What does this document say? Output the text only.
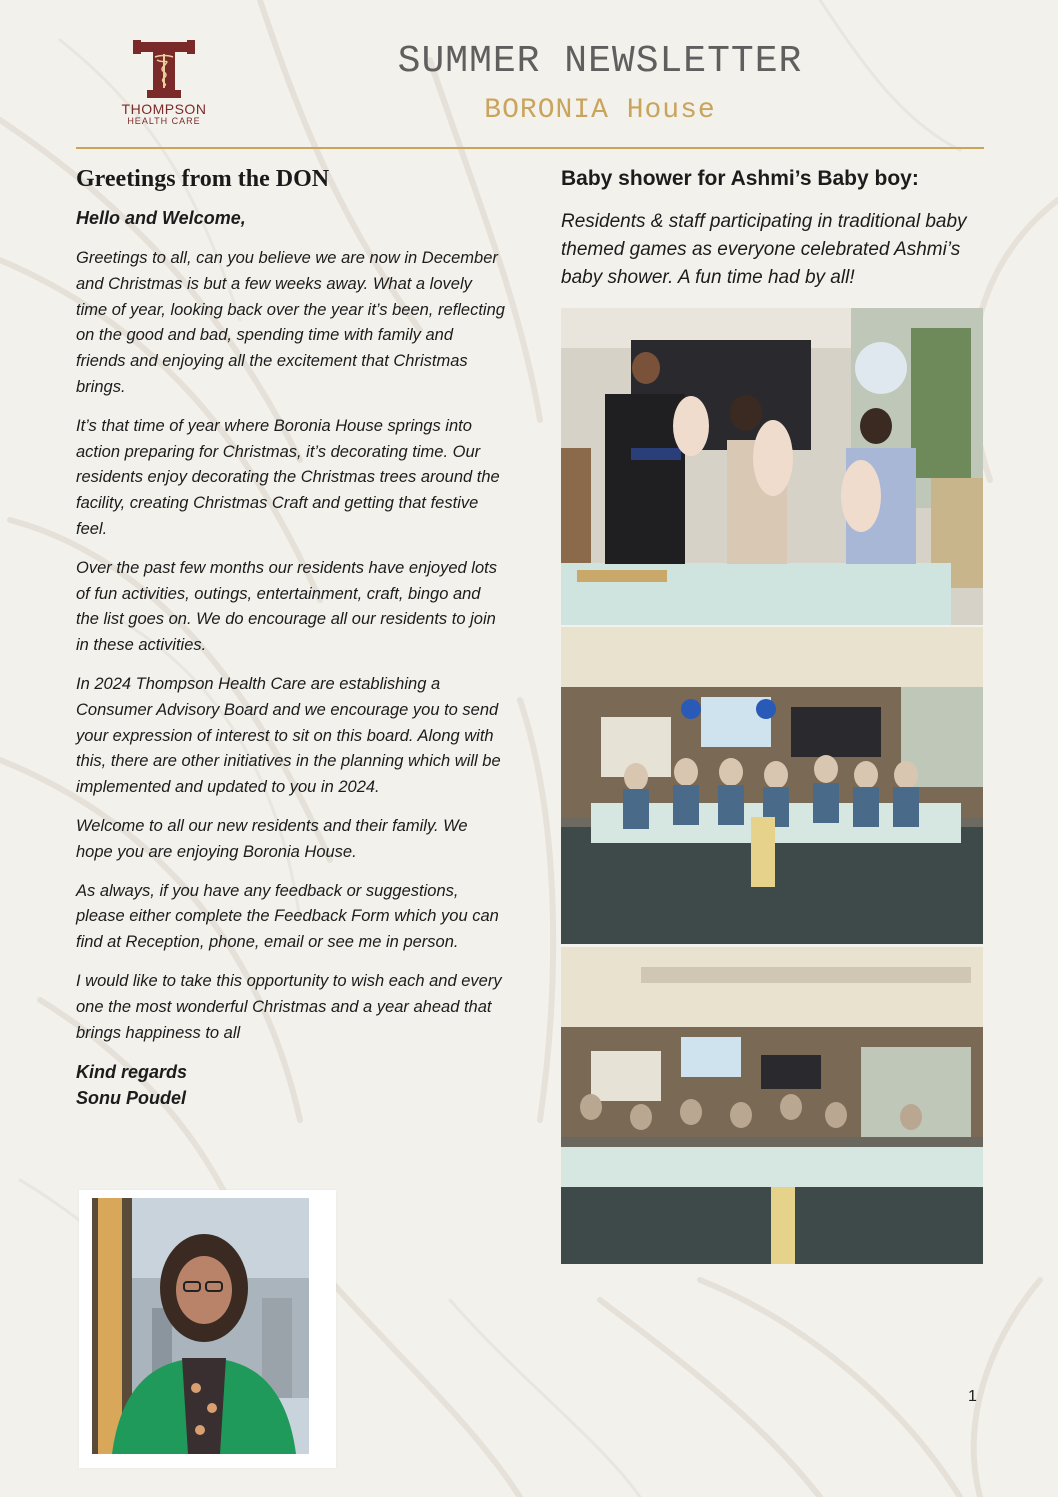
THOMPSON
HEALTH CARE
SUMMER NEWSLETTER
BORONIA House
Greetings from the DON

Hello and Welcome,

Greetings to all, can you believe we are now in December and Christmas is but a few weeks away. What a lovely time of year, looking back over the year it’s been, reflecting on the good and bad, spending time with family and friends and enjoying all the excitement that Christmas brings.

It’s that time of year where Boronia House springs into action preparing for Christmas, it’s decorating time. Our residents enjoy decorating the Christmas trees around the facility, creating Christmas Craft and getting that festive feel.

Over the past few months our residents have enjoyed lots of fun activities, outings, entertainment, craft, bingo and the list goes on. We do encourage all our residents to join in these activities.

In 2024 Thompson Health Care are establishing a Consumer Advisory Board and we encourage you to send your expression of interest to sit on this board. Along with this, there are other initiatives in the planning which will be implemented and updated to you in 2024.

Welcome to all our new residents and their family. We hope you are enjoying Boronia House.

As always, if you have any feedback or suggestions, please either complete the Feedback Form which you can find at Reception, phone, email or see me in person.

I would like to take this opportunity to wish each and every one the most wonderful Christmas and a year ahead that brings happiness to all

Kind regards

Sonu Poudel

Baby shower for Ashmi’s Baby boy:

Residents & staff participating in traditional baby themed games as everyone celebrated Ashmi’s baby shower. A fun time had by all!

1
